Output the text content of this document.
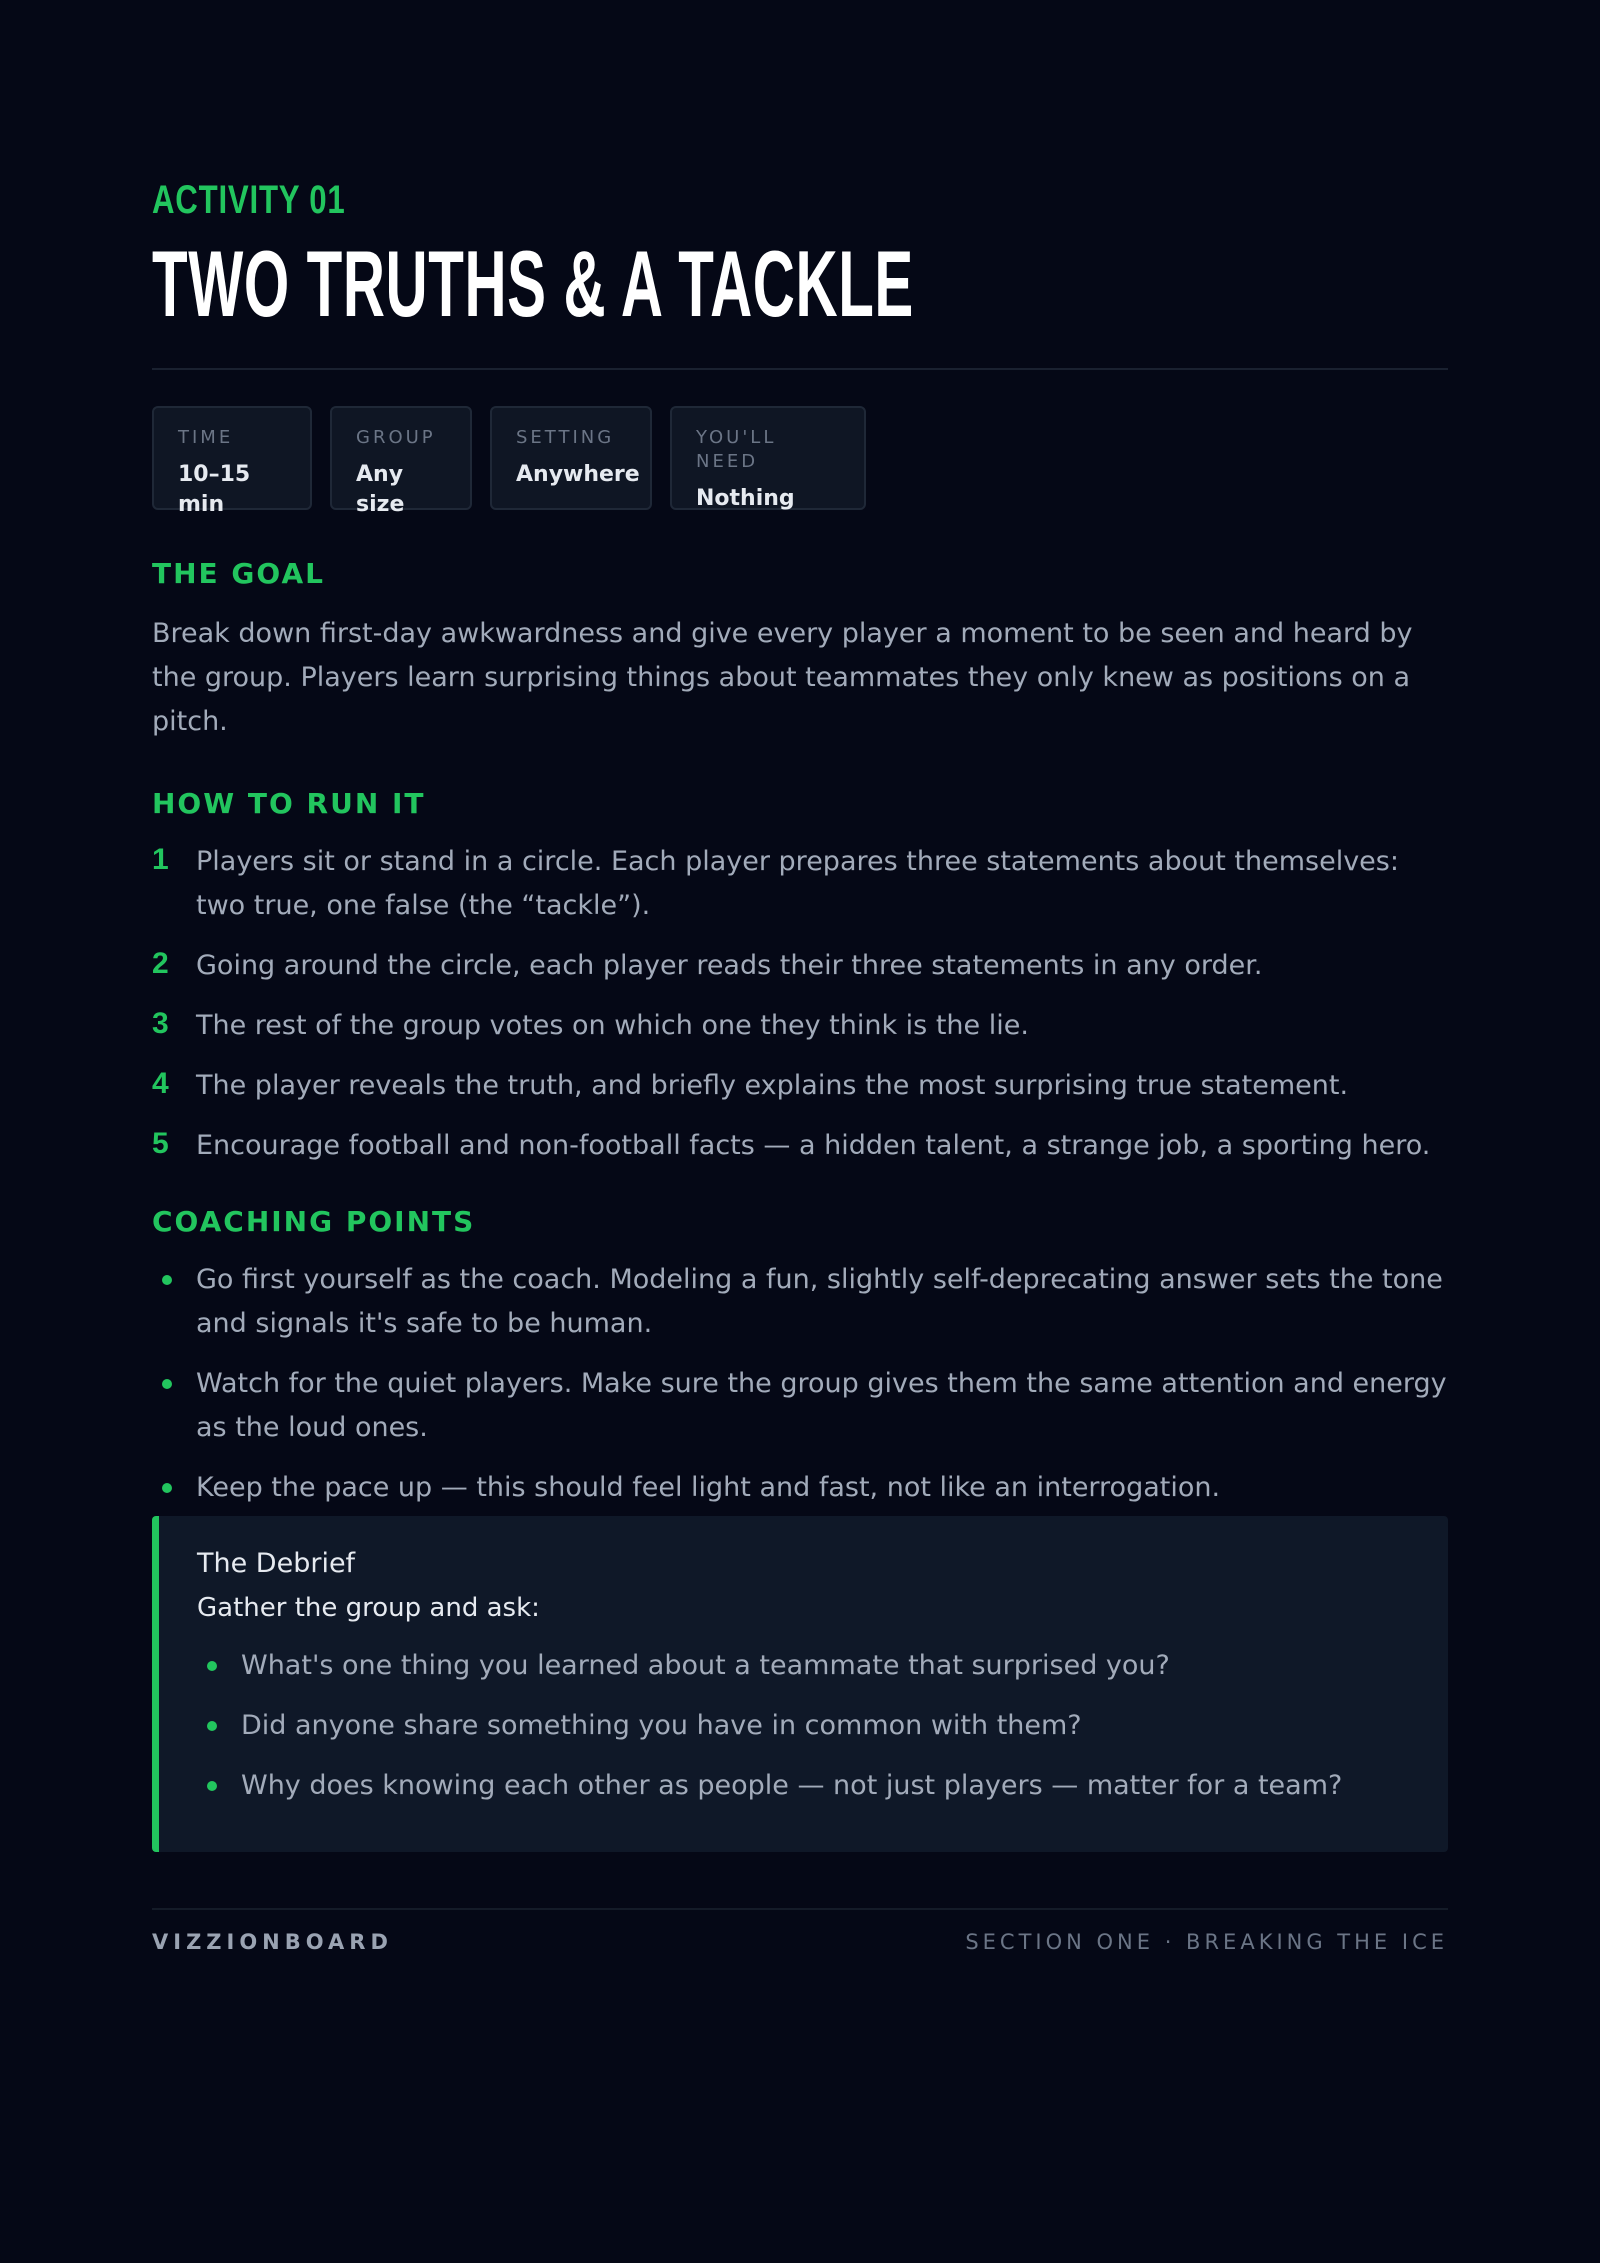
ACTIVITY 01
TWO TRUTHS & A TACKLE
TIME
10–15 min
GROUP
Any size
SETTING
Anywhere
YOU'LL NEED
Nothing
THE GOAL
Break down first-day awkwardness and give every player a moment to be seen and heard by the group. Players learn surprising things about teammates they only knew as positions on a pitch.
HOW TO RUN IT
1	Players sit or stand in a circle. Each player prepares three statements about themselves: two true, one false (the “tackle”).
2	Going around the circle, each player reads their three statements in any order.
3	The rest of the group votes on which one they think is the lie.
4	The player reveals the truth, and briefly explains the most surprising true statement.
5	Encourage football and non-football facts — a hidden talent, a strange job, a sporting hero.
COACHING POINTS
Go first yourself as the coach. Modeling a fun, slightly self-deprecating answer sets the tone and signals it's safe to be human.
Watch for the quiet players. Make sure the group gives them the same attention and energy as the loud ones.
Keep the pace up — this should feel light and fast, not like an interrogation.
The Debrief
Gather the group and ask:
What's one thing you learned about a teammate that surprised you?
Did anyone share something you have in common with them?
Why does knowing each other as people — not just players — matter for a team?
VIZZIONBOARD	SECTION ONE · BREAKING THE ICE
